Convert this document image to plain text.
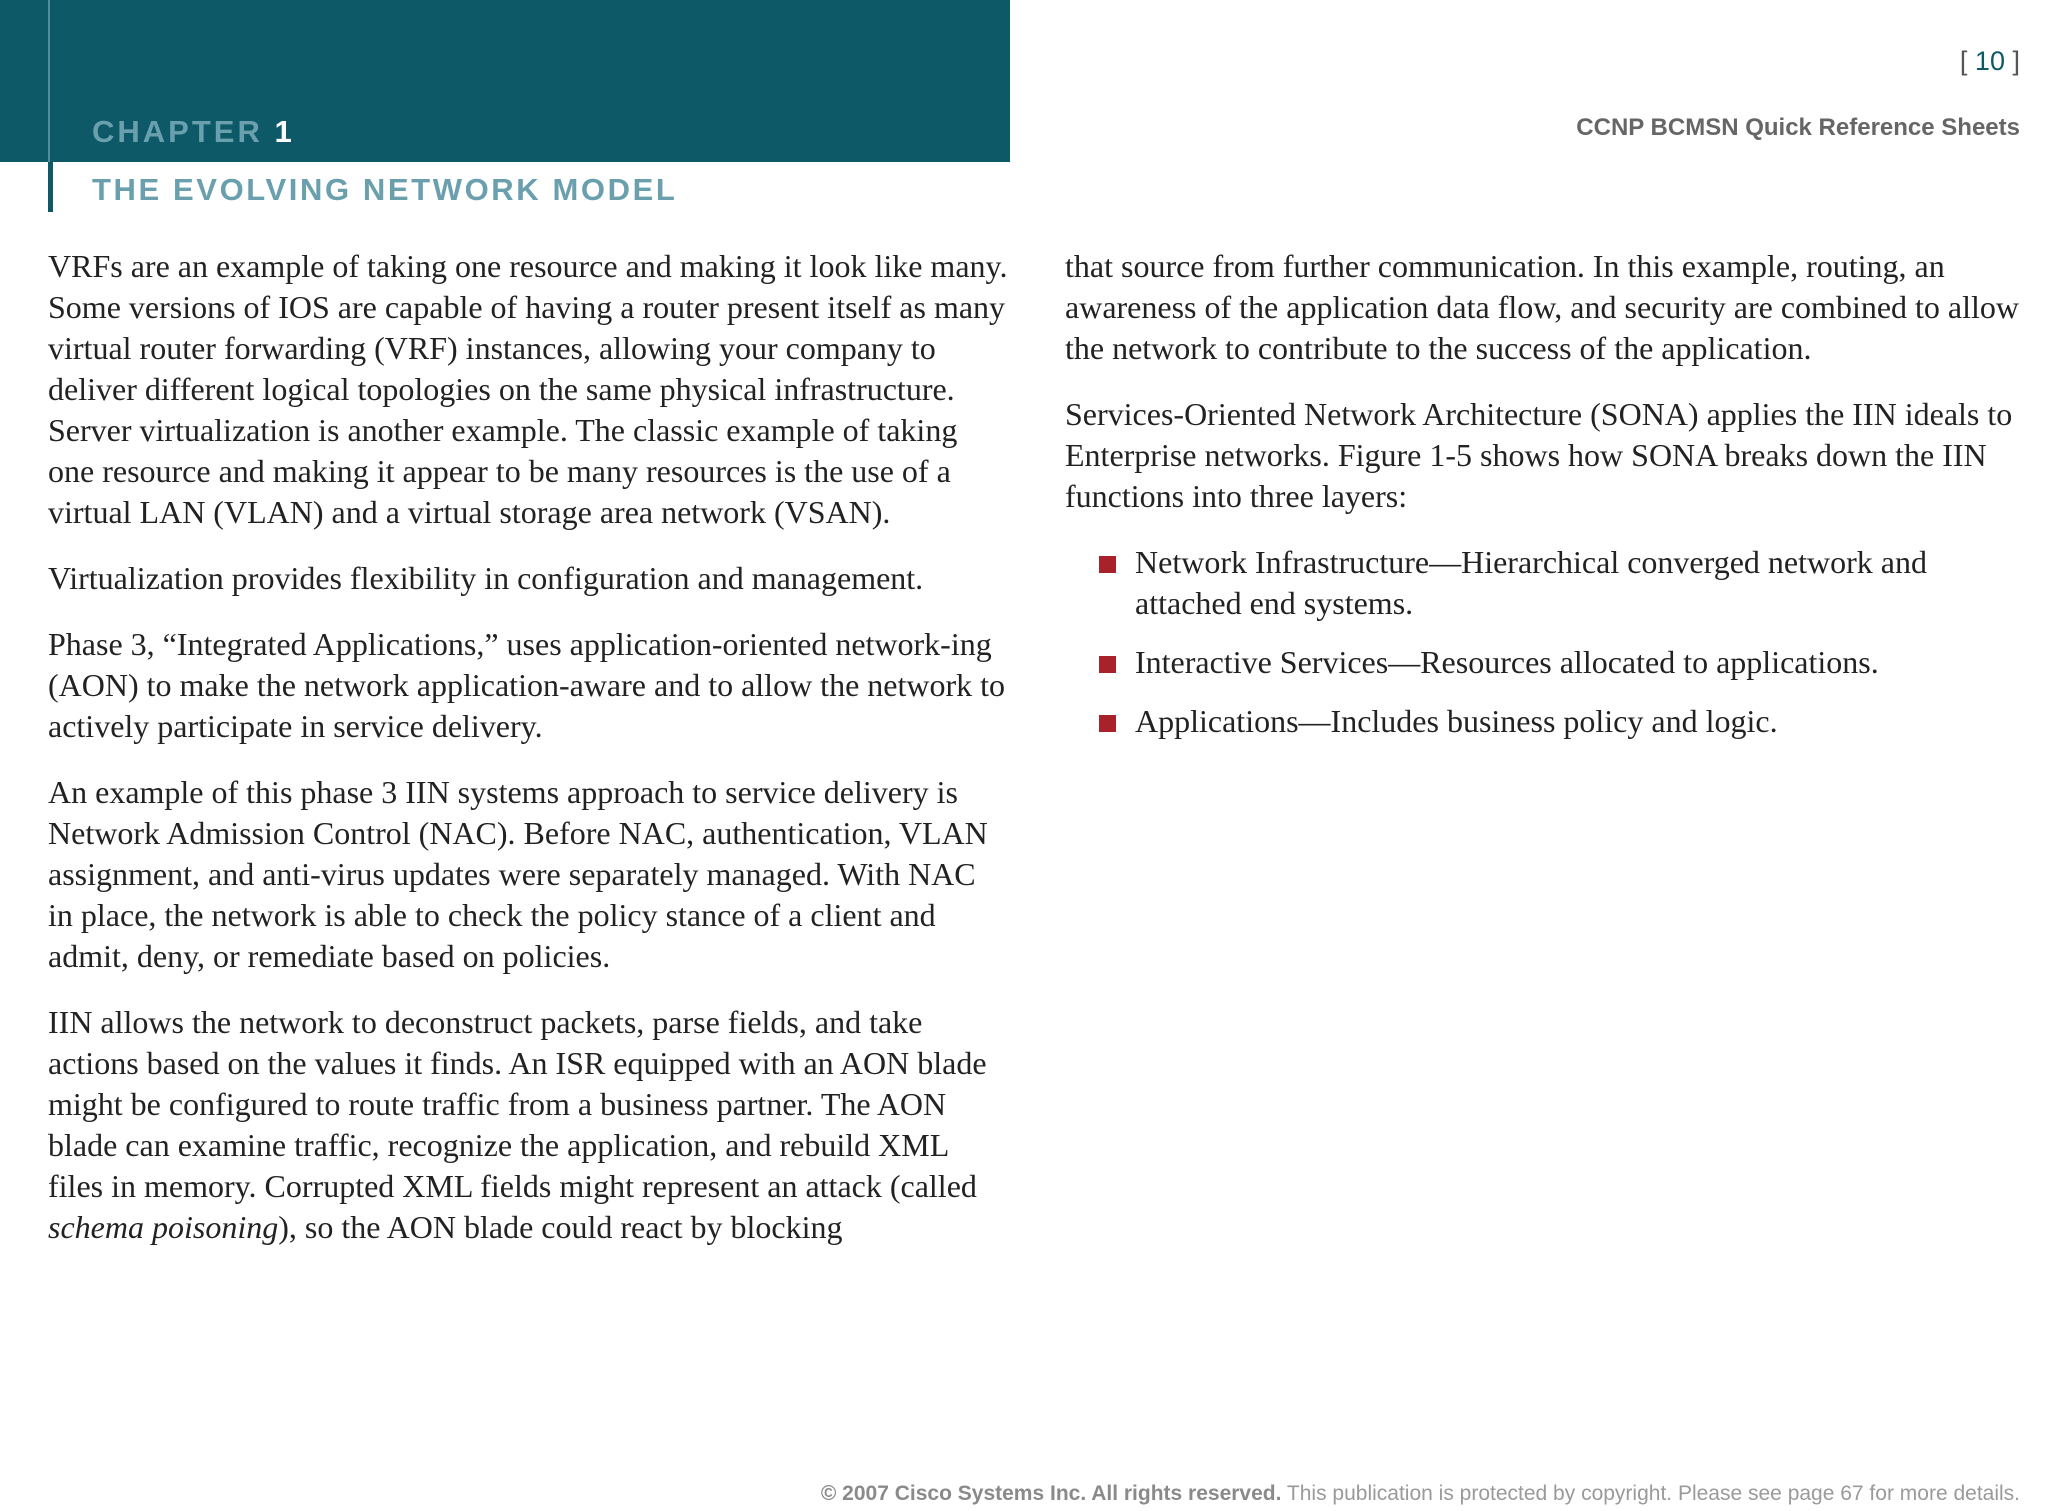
CHAPTER 1
THE EVOLVING NETWORK MODEL
[ 10 ]
CCNP BCMSN Quick Reference Sheets

VRFs are an example of taking one resource and making it look like many. Some versions of IOS are capable of having a router present itself as many virtual router forwarding (VRF) instances, allowing your company to deliver different logical topologies on the same physical infrastructure. Server virtualization is another example. The classic example of taking one resource and making it appear to be many resources is the use of a virtual LAN (VLAN) and a virtual storage area network (VSAN).

Virtualization provides flexibility in configuration and management.

Phase 3, “Integrated Applications,” uses application-oriented network-ing (AON) to make the network application-aware and to allow the network to actively participate in service delivery.

An example of this phase 3 IIN systems approach to service delivery is Network Admission Control (NAC). Before NAC, authentication, VLAN assignment, and anti-virus updates were separately managed. With NAC in place, the network is able to check the policy stance of a client and admit, deny, or remediate based on policies.

IIN allows the network to deconstruct packets, parse fields, and take actions based on the values it finds. An ISR equipped with an AON blade might be configured to route traffic from a business partner. The AON blade can examine traffic, recognize the application, and rebuild XML files in memory. Corrupted XML fields might represent an attack (called schema poisoning), so the AON blade could react by blocking

that source from further communication. In this example, routing, an awareness of the application data flow, and security are combined to allow the network to contribute to the success of the application.

Services-Oriented Network Architecture (SONA) applies the IIN ideals to Enterprise networks. Figure 1-5 shows how SONA breaks down the IIN functions into three layers:

Network Infrastructure—Hierarchical converged network and attached end systems.
Interactive Services—Resources allocated to applications.
Applications—Includes business policy and logic.
© 2007 Cisco Systems Inc. All rights reserved. This publication is protected by copyright. Please see page 67 for more details.
